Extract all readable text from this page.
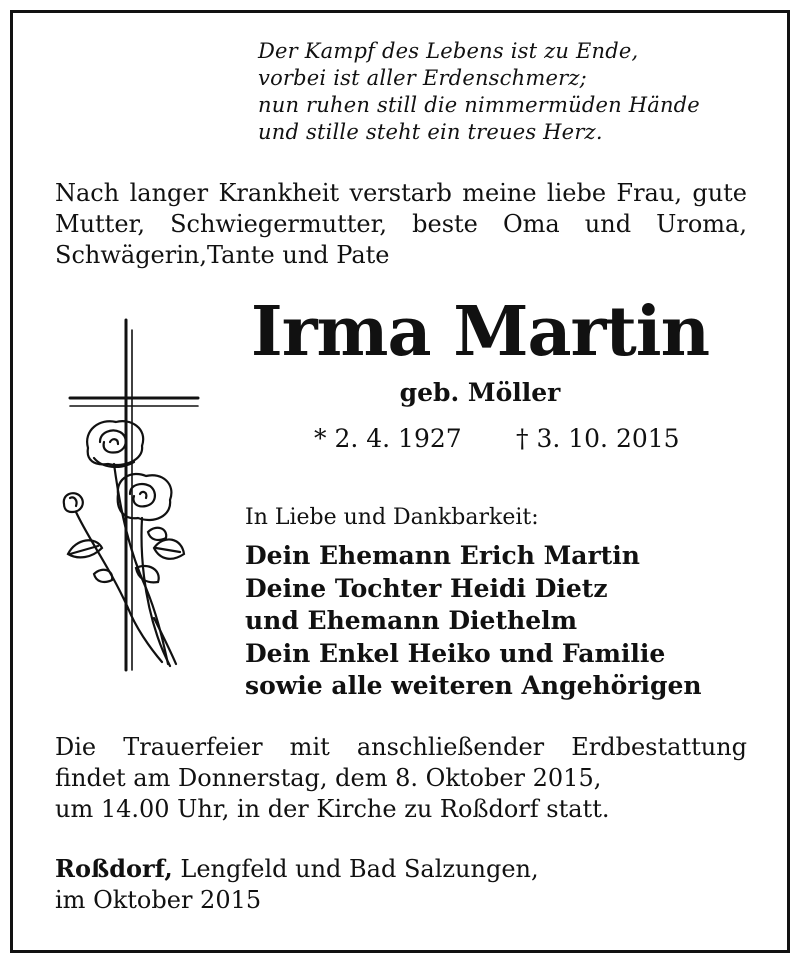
Der Kampf des Lebens ist zu Ende,
vorbei ist aller Erdenschmerz;
nun ruhen still die nimmermüden Hände
und stille steht ein treues Herz.
Nach langer Krankheit verstarb meine liebe Frau, gute
Mutter, Schwiegermutter, beste Oma und Uroma,
Schwägerin,Tante und Pate
Irma Martin
geb. Möller
* 2. 4. 1927 † 3. 10. 2015
In Liebe und Dankbarkeit:
Dein Ehemann Erich Martin
Deine Tochter Heidi Dietz
und Ehemann Diethelm
Dein Enkel Heiko und Familie
sowie alle weiteren Angehörigen
Die Trauerfeier mit anschließender Erdbestattung
findet am Donnerstag, dem 8. Oktober 2015,
um 14.00 Uhr, in der Kirche zu Roßdorf statt.
Roßdorf, Lengfeld und Bad Salzungen,
im Oktober 2015
